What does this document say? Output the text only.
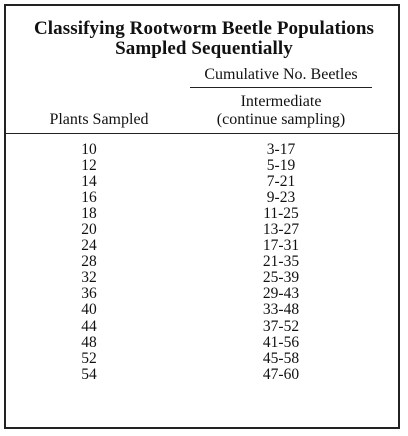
Classifying Rootworm Beetle Populations
Sampled Sequentially
Cumulative No. Beetles
Intermediate
(continue sampling)
Plants Sampled
10	3-17
12	5-19
14	7-21
16	9-23
18	11-25
20	13-27
24	17-31
28	21-35
32	25-39
36	29-43
40	33-48
44	37-52
48	41-56
52	45-58
54	47-60
